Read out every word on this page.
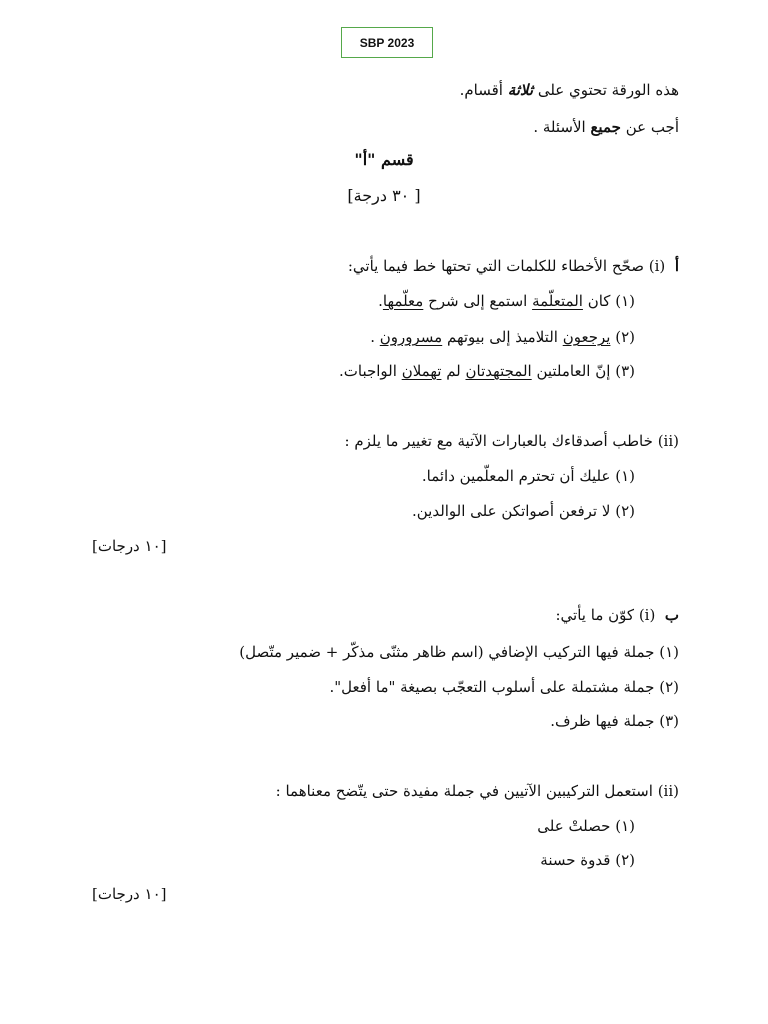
SBP 2023
هذه الورقة تحتوي على ثلاثة أقسام.
أجب عن جميع الأسئلة .
قسم "أ"
[ ٣٠ درجة]
أ  (i) صحّح الأخطاء للكلمات التي تحتها خط فيما يأتي:
(١) كان المتعلّمة استمع إلى شرح معلّمها.
(٢) يرجعون التلاميذ إلى بيوتهم مسرورون .
(٣) إنّ العاملتين المجتهدتان لم تهملان الواجبات.
(ii) خاطب أصدقاءك بالعبارات الآتية مع تغيير ما يلزم :
(١) عليك أن تحترم المعلّمين دائما.
(٢) لا ترفعن أصواتكن على الوالدين.
[١٠ درجات]
ب  (i) كوّن ما يأتي:
(١) جملة فيها التركيب الإضافي (اسم ظاهر مثنّى مذكّر + ضمير متّصل)
(٢) جملة مشتملة على أسلوب التعجّب بصيغة "ما أفعل".
(٣) جملة فيها ظرف.
(ii) استعمل التركيبين الآتيين في جملة مفيدة حتى يتّضح معناهما :
(١) حصلتْ على
(٢) قدوة حسنة
[١٠ درجات]
